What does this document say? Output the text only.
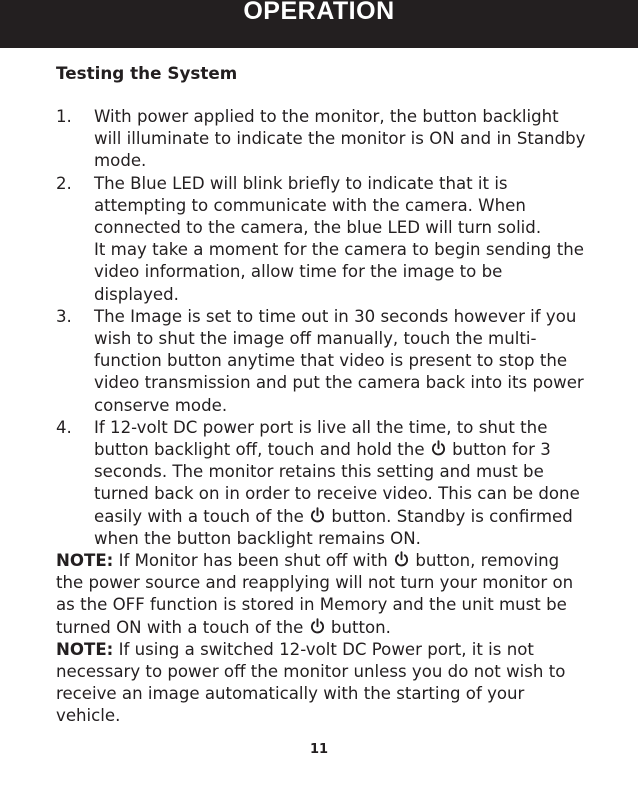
OPERATION
Testing the System
1. With power applied to the monitor, the button backlight will illuminate to indicate the monitor is ON and in Standby mode.
2. The Blue LED will blink briefly to indicate that it is attempting to communicate with the camera. When connected to the camera, the blue LED will turn solid.
It may take a moment for the camera to begin sending the video information, allow time for the image to be displayed.
3. The Image is set to time out in 30 seconds however if you wish to shut the image off manually, touch the multi-function button anytime that video is present to stop the video transmission and put the camera back into its power conserve mode.
4. If 12-volt DC power port is live all the time, to shut the button backlight off, touch and hold the button for 3 seconds. The monitor retains this setting and must be turned back on in order to receive video. This can be done easily with a touch of the button. Standby is confirmed when the button backlight remains ON.

NOTE: If Monitor has been shut off with button, removing the power source and reapplying will not turn your monitor on as the OFF function is stored in Memory and the unit must be turned ON with a touch of the button.

NOTE: If using a switched 12-volt DC Power port, it is not necessary to power off the monitor unless you do not wish to receive an image automatically with the starting of your vehicle.

11
